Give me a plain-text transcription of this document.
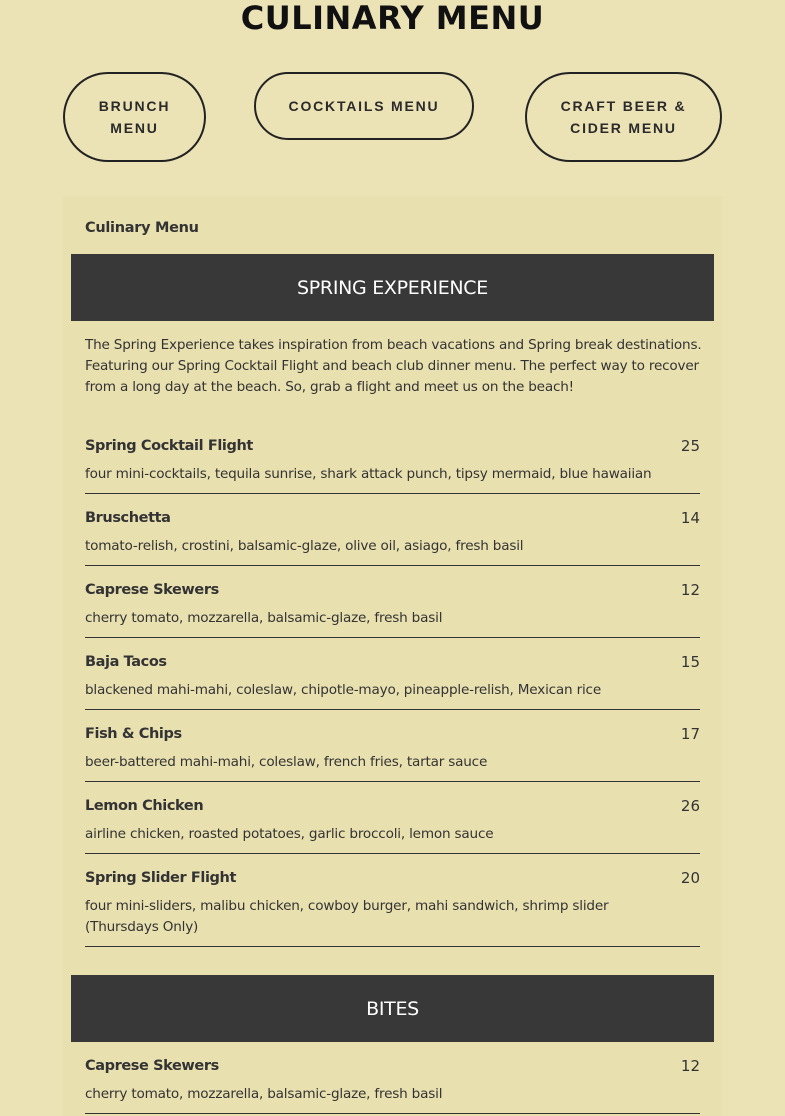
CULINARY MENU
BRUNCH MENU
COCKTAILS MENU	CRAFT BEER & CIDER MENU
Culinary Menu
SPRING EXPERIENCE

The Spring Experience takes inspiration from beach vacations and Spring break destinations. Featuring our Spring Cocktail Flight and beach club dinner menu. The perfect way to recover from a long day at the beach. So, grab a flight and meet us on the beach!

Spring Cocktail Flight	25
four mini-cocktails, tequila sunrise, shark attack punch, tipsy mermaid, blue hawaiian
Bruschetta	14
tomato-relish, crostini, balsamic-glaze, olive oil, asiago, fresh basil
Caprese Skewers	12
cherry tomato, mozzarella, balsamic-glaze, fresh basil
Baja Tacos	15
blackened mahi-mahi, coleslaw, chipotle-mayo, pineapple-relish, Mexican rice
Fish & Chips	17
beer-battered mahi-mahi, coleslaw, french fries, tartar sauce
Lemon Chicken	26
airline chicken, roasted potatoes, garlic broccoli, lemon sauce
Spring Slider Flight	20
four mini-sliders, malibu chicken, cowboy burger, mahi sandwich, shrimp slider (Thursdays Only)
BITES
Caprese Skewers	12
cherry tomato, mozzarella, balsamic-glaze, fresh basil
